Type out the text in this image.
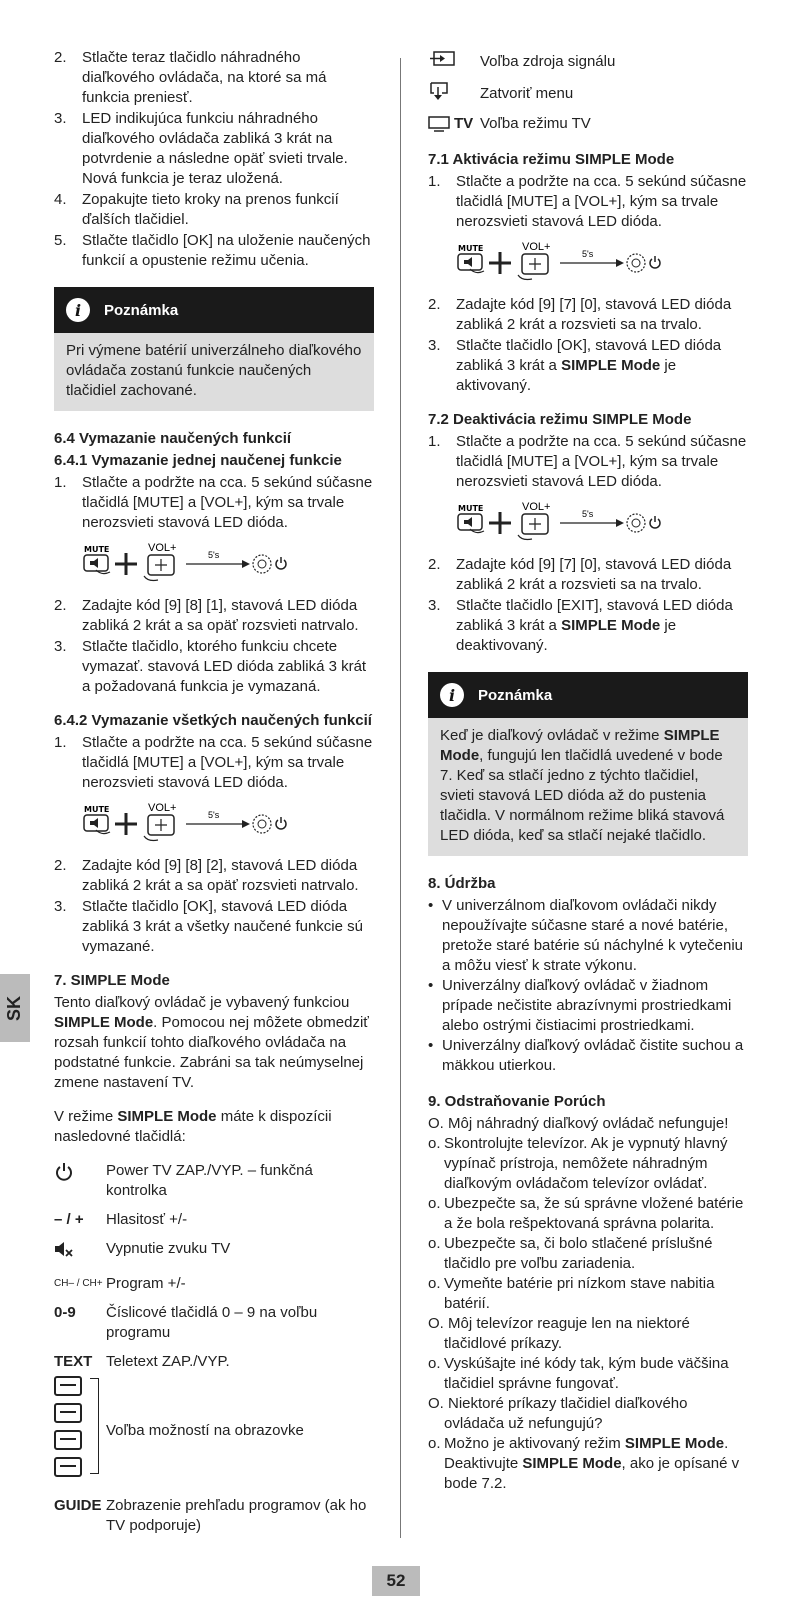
2. Stlačte teraz tlačidlo náhradného diaľkového ovládača, na ktoré sa má funkcia preniesť.
3. LED indikujúca funkciu náhradného diaľkového ovládača zabliká 3 krát na potvrdenie a následne opäť svieti trvale. Nová funkcia je teraz uložená.
4. Zopakujte tieto kroky na prenos funkcií ďalších tlačidiel.
5. Stlačte tlačidlo [OK] na uloženie naučených funkcií a opustenie režimu učenia.
i	Poznámka
Pri výmene batérií univerzálneho diaľkového ovládača zostanú funkcie naučených tlačidiel zachované.
6.4 Vymazanie naučených funkcií
6.4.1 Vymazanie jednej naučenej funkcie
1. Stlačte a podržte na cca. 5 sekúnd súčasne tlačidlá [MUTE] a [VOL+], kým sa trvale nerozsvieti stavová LED dióda.
MUTE	VOL+
5's
2. Zadajte kód [9] [8] [1], stavová LED dióda zabliká 2 krát a sa opäť rozsvieti natrvalo.
3. Stlačte tlačidlo, ktorého funkciu chcete vymazať. stavová LED dióda zabliká 3 krát a požadovaná funkcia je vymazaná.
6.4.2 Vymazanie všetkých naučených funkcií
1. Stlačte a podržte na cca. 5 sekúnd súčasne tlačidlá [MUTE] a [VOL+], kým sa trvale nerozsvieti stavová LED dióda.
MUTE	VOL+
5's
2. Zadajte kód [9] [8] [2], stavová LED dióda zabliká 2 krát a sa opäť rozsvieti natrvalo.
3. Stlačte tlačidlo [OK], stavová LED dióda zabliká 3 krát a všetky naučené funkcie sú vymazané.
7. SIMPLE Mode

Tento diaľkový ovládač je vybavený funkciou SIMPLE Mode. Pomocou nej môžete obmedziť rozsah funkcií tohto diaľkového ovládača na podstatné funkcie. Zabráni sa tak neúmyselnej zmene nastavení TV.

V režime SIMPLE Mode máte k dispozícii nasledovné tlačidlá:

Power TV ZAP./VYP. – funkčná kontrolka
– / +	Hlasitosť +/-
Vypnutie zvuku TV
CH– / CH+ Program +/-
0-9	Číslicové tlačidlá 0 – 9 na voľbu programu
TEXT Teletext ZAP./VYP.
Voľba možností na obrazovke
GUIDE Zobrazenie prehľadu programov (ak ho TV podporuje)
Voľba zdroja signálu
Zatvoriť menu
TV Voľba režimu TV
7.1 Aktivácia režimu SIMPLE Mode
1. Stlačte a podržte na cca. 5 sekúnd súčasne tlačidlá [MUTE] a [VOL+], kým sa trvale nerozsvieti stavová LED dióda.
MUTE	VOL+
5's
2. Zadajte kód [9] [7] [0], stavová LED dióda zabliká 2 krát a rozsvieti sa na trvalo.
3. Stlačte tlačidlo [OK], stavová LED dióda zabliká 3 krát a SIMPLE Mode je aktivovaný.
7.2 Deaktivácia režimu SIMPLE Mode
1. Stlačte a podržte na cca. 5 sekúnd súčasne tlačidlá [MUTE] a [VOL+], kým sa trvale nerozsvieti stavová LED dióda.
MUTE	VOL+
5's
2. Zadajte kód [9] [7] [0], stavová LED dióda zabliká 2 krát a rozsvieti sa na trvalo.
3. Stlačte tlačidlo [EXIT], stavová LED dióda zabliká 3 krát a SIMPLE Mode je deaktivovaný.
i	Poznámka
Keď je diaľkový ovládač v režime SIMPLE Mode, fungujú len tlačidlá uvedené v bode 7. Keď sa stlačí jedno z týchto tlačidiel, svieti stavová LED dióda až do pustenia tlačidla. V normálnom režime bliká stavová LED dióda, keď sa stlačí nejaké tlačidlo.
8. Údržba
• V univerzálnom diaľkovom ovládači nikdy nepoužívajte súčasne staré a nové batérie, pretože staré batérie sú náchylné k vytečeniu a môžu viesť k strate výkonu.
• Univerzálny diaľkový ovládač v žiadnom prípade nečistite abrazívnymi prostriedkami alebo ostrými čistiacimi prostriedkami.
• Univerzálny diaľkový ovládač čistite suchou a mäkkou utierkou.
9. Odstraňovanie Porúch
O. Môj náhradný diaľkový ovládač nefunguje!
o. Skontrolujte televízor. Ak je vypnutý hlavný vypínač prístroja, nemôžete náhradným diaľkovým ovládačom televízor ovládať.
o. Ubezpečte sa, že sú správne vložené batérie a že bola rešpektovaná správna polarita.
o. Ubezpečte sa, či bolo stlačené príslušné tlačidlo pre voľbu zariadenia.
o. Vymeňte batérie pri nízkom stave nabitia batérií.
O. Môj televízor reaguje len na niektoré tlačidlové príkazy.
o. Vyskúšajte iné kódy tak, kým bude väčšina tlačidiel správne fungovať.
O. Niektoré príkazy tlačidiel diaľkového ovládača už nefungujú?
o. Možno je aktivovaný režim SIMPLE Mode. Deaktivujte SIMPLE Mode, ako je opísané v bode 7.2.
SK
52
